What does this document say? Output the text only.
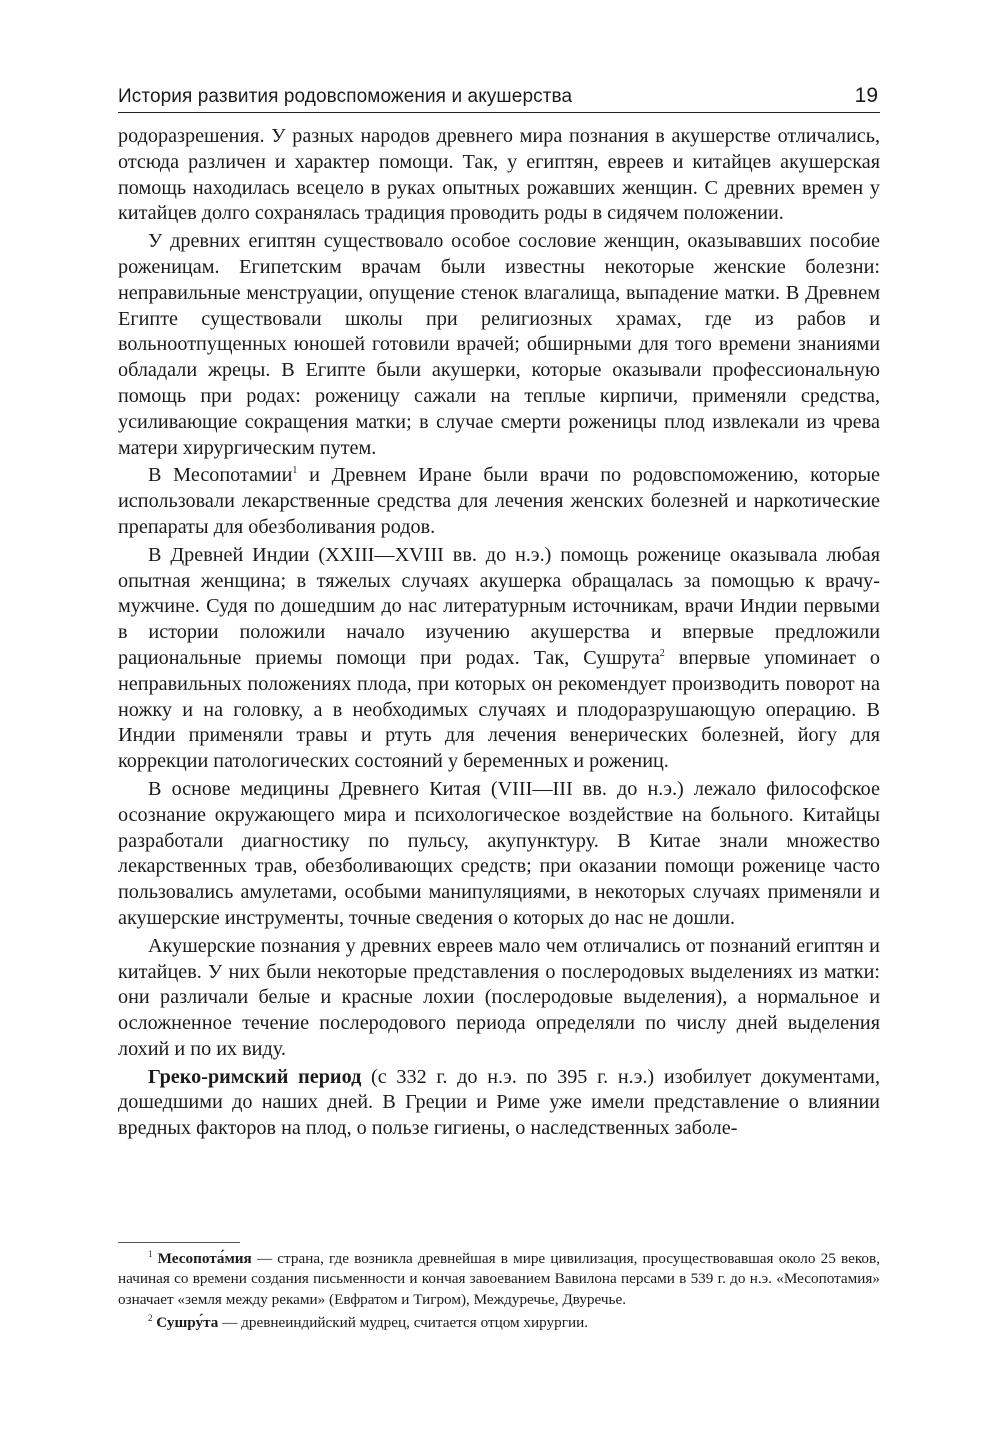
История развития родовспоможения и акушерства	19

родоразрешения. У разных народов древнего мира познания в акушерстве отличались, отсюда различен и характер помощи. Так, у египтян, евреев и китайцев акушерская помощь находилась всецело в руках опытных рожавших женщин. С древних времен у китайцев долго сохранялась традиция проводить роды в сидячем положении.

У древних египтян существовало особое сословие женщин, оказывавших пособие роженицам. Египетским врачам были известны некоторые женские болезни: неправильные менструации, опущение стенок влагалища, выпадение матки. В Древнем Египте существовали школы при религиозных храмах, где из рабов и вольноотпущенных юношей готовили врачей; обширными для того времени знаниями обладали жрецы. В Египте были акушерки, которые оказывали профессиональную помощь при родах: роженицу сажали на теплые кирпичи, применяли средства, усиливающие сокращения матки; в случае смерти роженицы плод извлекали из чрева матери хирургическим путем.

В Месопотамии$^1$ и Древнем Иране были врачи по родовспоможению, которые использовали лекарственные средства для лечения женских болезней и наркотические препараты для обезболивания родов.

В Древней Индии (XXIII—XVIII вв. до н.э.) помощь роженице оказывала любая опытная женщина; в тяжелых случаях акушерка обращалась за помощью к врачу-мужчине. Судя по дошедшим до нас литературным источникам, врачи Индии первыми в истории положили начало изучению акушерства и впервые предложили рациональные приемы помощи при родах. Так, Сушрута$^2$ впервые упоминает о неправильных положениях плода, при которых он рекомендует производить поворот на ножку и на головку, а в необходимых случаях и плодоразрушающую операцию. В Индии применяли травы и ртуть для лечения венерических болезней, йогу для коррекции патологических состояний у беременных и рожениц.

В основе медицины Древнего Китая (VIII—III вв. до н.э.) лежало философское осознание окружающего мира и психологическое воздействие на больного. Китайцы разработали диагностику по пульсу, акупунктуру. В Китае знали множество лекарственных трав, обезболивающих средств; при оказании помощи роженице часто пользовались амулетами, особыми манипуляциями, в некоторых случаях применяли и акушерские инструменты, точные сведения о которых до нас не дошли.

Акушерские познания у древних евреев мало чем отличались от познаний египтян и китайцев. У них были некоторые представления о послеродовых выделениях из матки: они различали белые и красные лохии (послеродовые выделения), а нормальное и осложненное течение послеродового периода определяли по числу дней выделения лохий и по их виду.

Греко-римский период (с 332 г. до н.э. по 395 г. н.э.) изобилует документами, дошедшими до наших дней. В Греции и Риме уже имели представление о влиянии вредных факторов на плод, о пользе гигиены, о наследственных заболе-

$^1$ Месопота́мия — страна, где возникла древнейшая в мире цивилизация, просуществовавшая около 25 веков, начиная со времени создания письменности и кончая завоеванием Вавилона персами в 539 г. до н.э. «Месопотамия» означает «земля между реками» (Евфратом и Тигром), Междуречье, Двуречье.

$^2$ Сушру́та — древнеиндийский мудрец, считается отцом хирургии.
